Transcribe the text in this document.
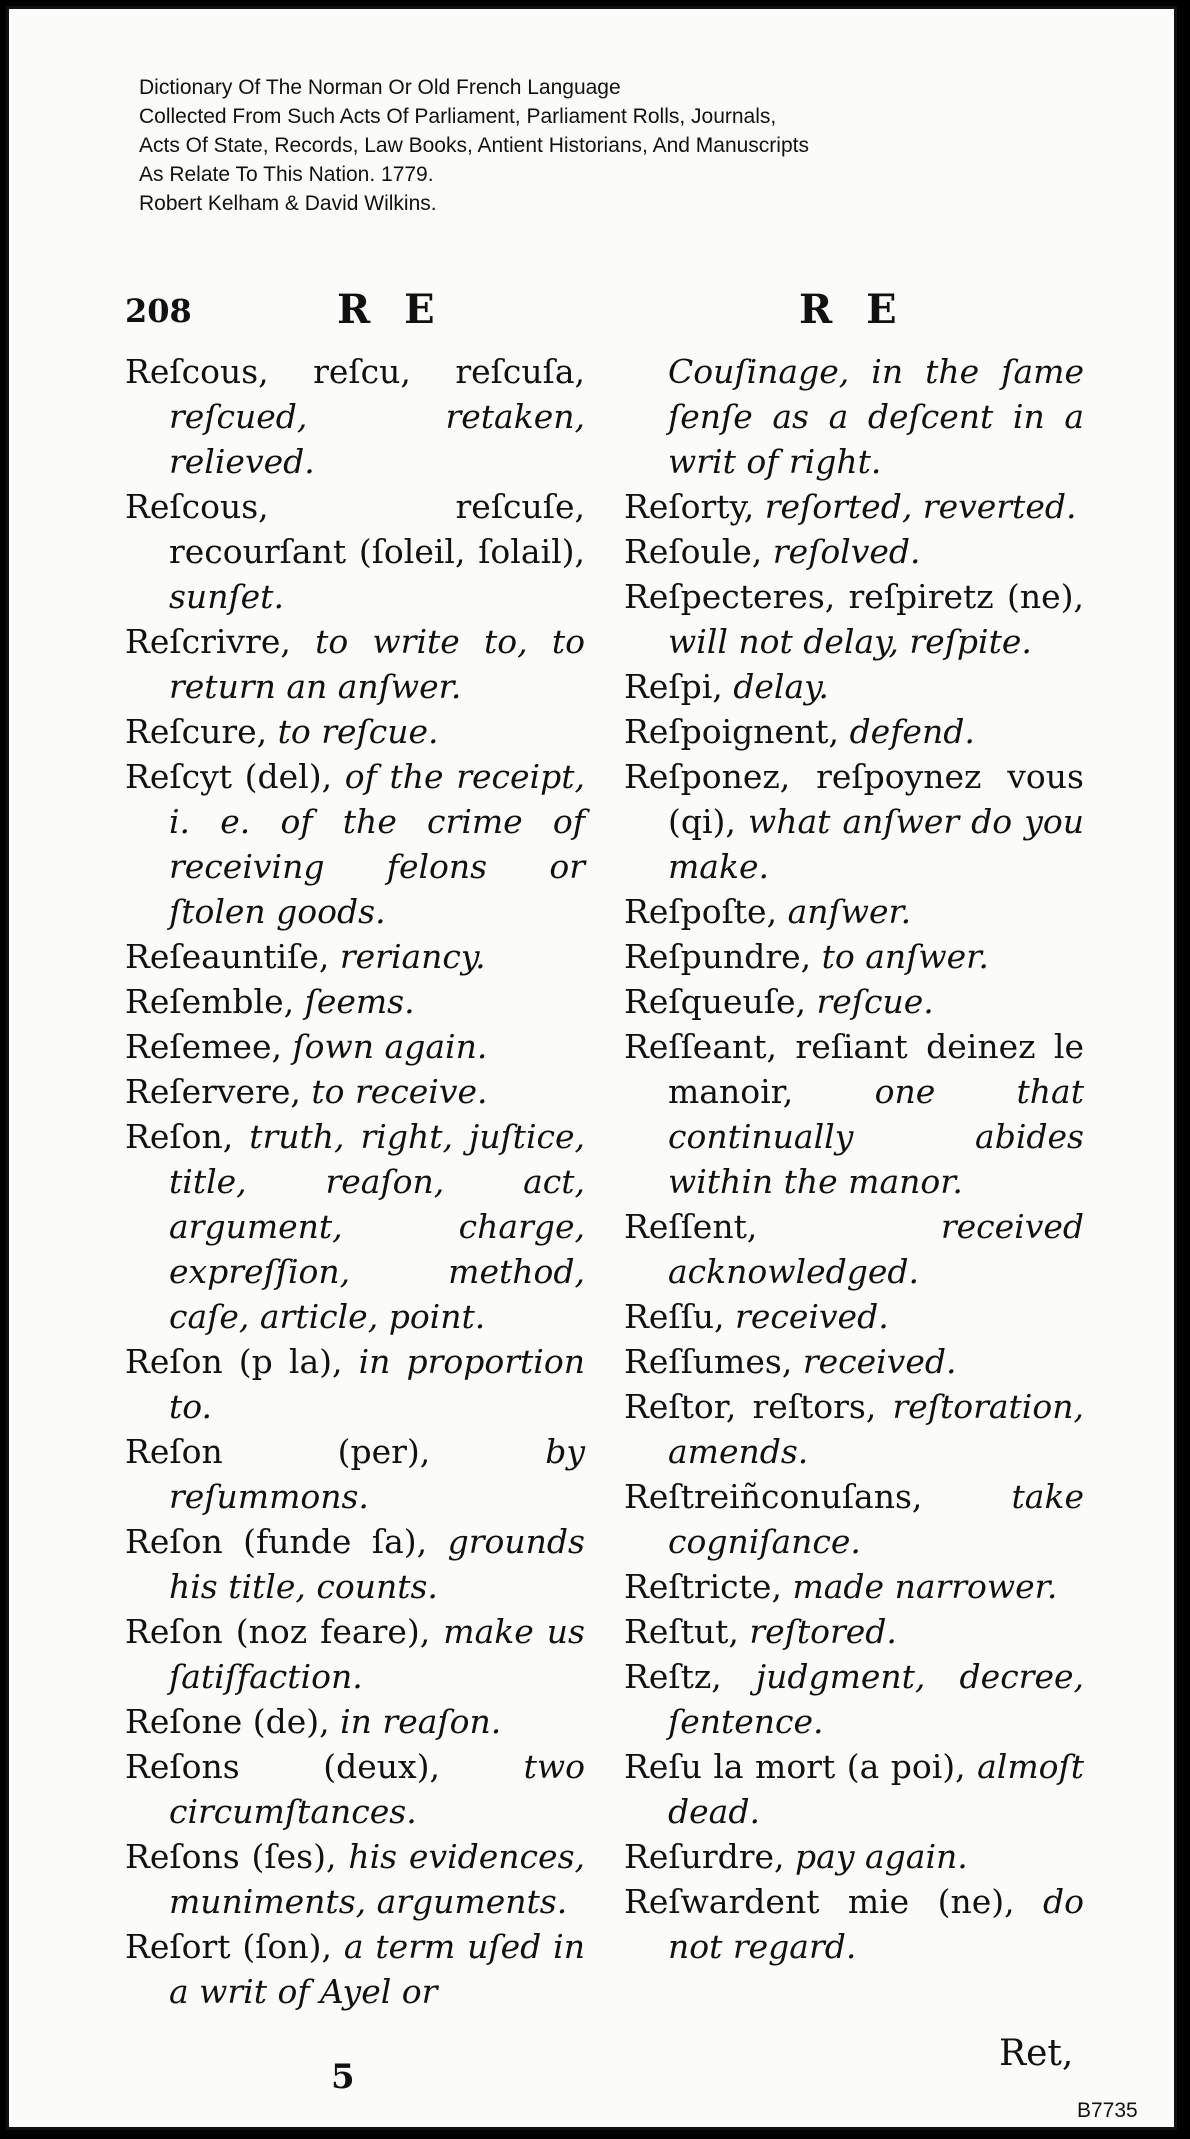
Dictionary Of The Norman Or Old French Language
Collected From Such Acts Of Parliament, Parliament Rolls, Journals,
Acts Of State, Records, Law Books, Antient Historians, And Manuscripts
As Relate To This Nation. 1779.
Robert Kelham & David Wilkins.
208	R E	R E

Reſcous, reſcu, reſcuſa, reſcued, retaken, relieved.

Reſcous, reſcuſe, recourſant (ſoleil, ſolail), sunſet.

Reſcrivre, to write to, to return an anſwer.

Reſcure, to reſcue.

Reſcyt (del), of the receipt, i. e. of the crime of receiving felons or ſtolen goods.

Reſeauntiſe, reriancy.

Reſemble, ſeems.

Reſemee, ſown again.

Reſervere, to receive.

Reſon, truth, right, juſtice, title, reaſon, act, argument, charge, expreſſion, method, caſe, article, point.

Reſon (p la), in proportion to.

Reſon (per),	by reſummons.

Reſon (funde ſa), grounds his title, counts.

Reſon (noz feare), make us ſatiſfaction.

Reſone (de), in reaſon.

Reſons (deux),	two circumſtances.

Reſons (ſes), his evidences, muniments, arguments.

Reſort (ſon), a term uſed in a writ of Ayel or

Couſinage, in the ſame ſenſe as a deſcent in a writ of right.

Reſorty, reſorted, reverted.

Reſoule, reſolved.

Reſpecteres, reſpiretz (ne), will not delay, reſpite.

Reſpi, delay.

Reſpoignent, defend.

Reſponez, reſpoynez vous (qi), what anſwer do you make.

Reſpoſte, anſwer.

Reſpundre, to anſwer.

Reſqueuſe, reſcue.

Reſſeant, reſiant deinez le manoir, one that continually abides within the manor.

Reſſent,	received acknowledged.

Reſſu, received.

Reſſumes, received.

Reſtor, reſtors, reſtoration, amends.

Reſtreiñconuſans,	take cogniſance.

Reſtricte, made narrower.

Reſtut, reſtored.

Reſtz, judgment, decree, ſentence.

Reſu la mort (a poi), almoſt dead.

Reſurdre, pay again.

Reſwardent mie (ne), do not regard.

5
Ret,
B7735
